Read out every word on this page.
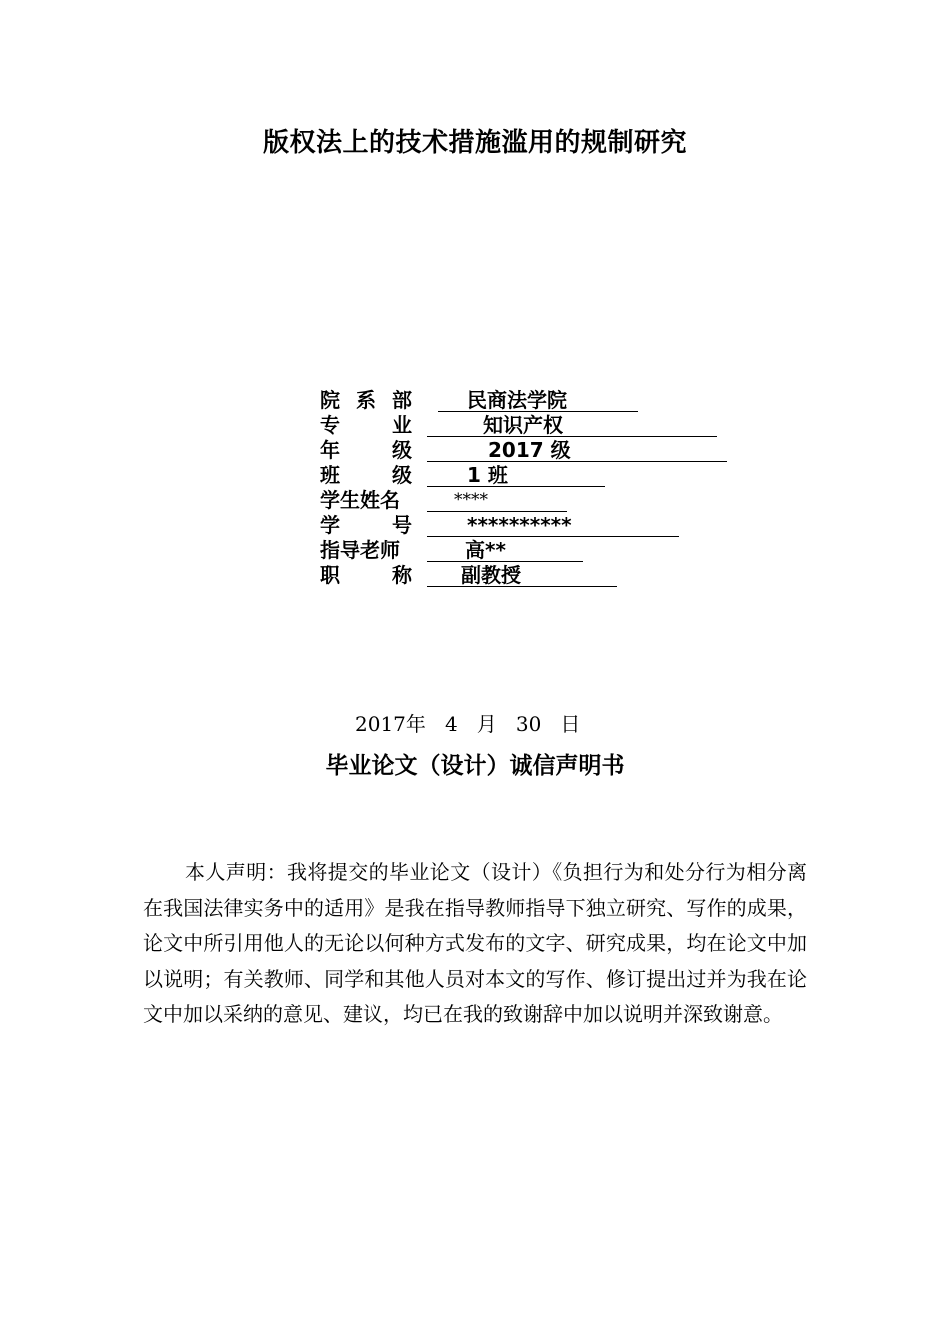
版权法上的技术措施滥用的规制研究
院 系 部	民商法学院
专	业	知识产权
年	级	2017 级
班	级	1 班
学生姓名	****
学	号	**********
指导老师	高**
职	称 副教授
2017年 4 月 30 日
毕业论文（设计）诚信声明书

本人声明：我将提交的毕业论文（设计）《负担行为和处分行为相分离在我国法律实务中的适用》是我在指导教师指导下独立研究、写作的成果，论文中所引用他人的无论以何种方式发布的文字、研究成果，均在论文中加以说明；有关教师、同学和其他人员对本文的写作、修订提出过并为我在论文中加以采纳的意见、建议，均已在我的致谢辞中加以说明并深致谢意。
